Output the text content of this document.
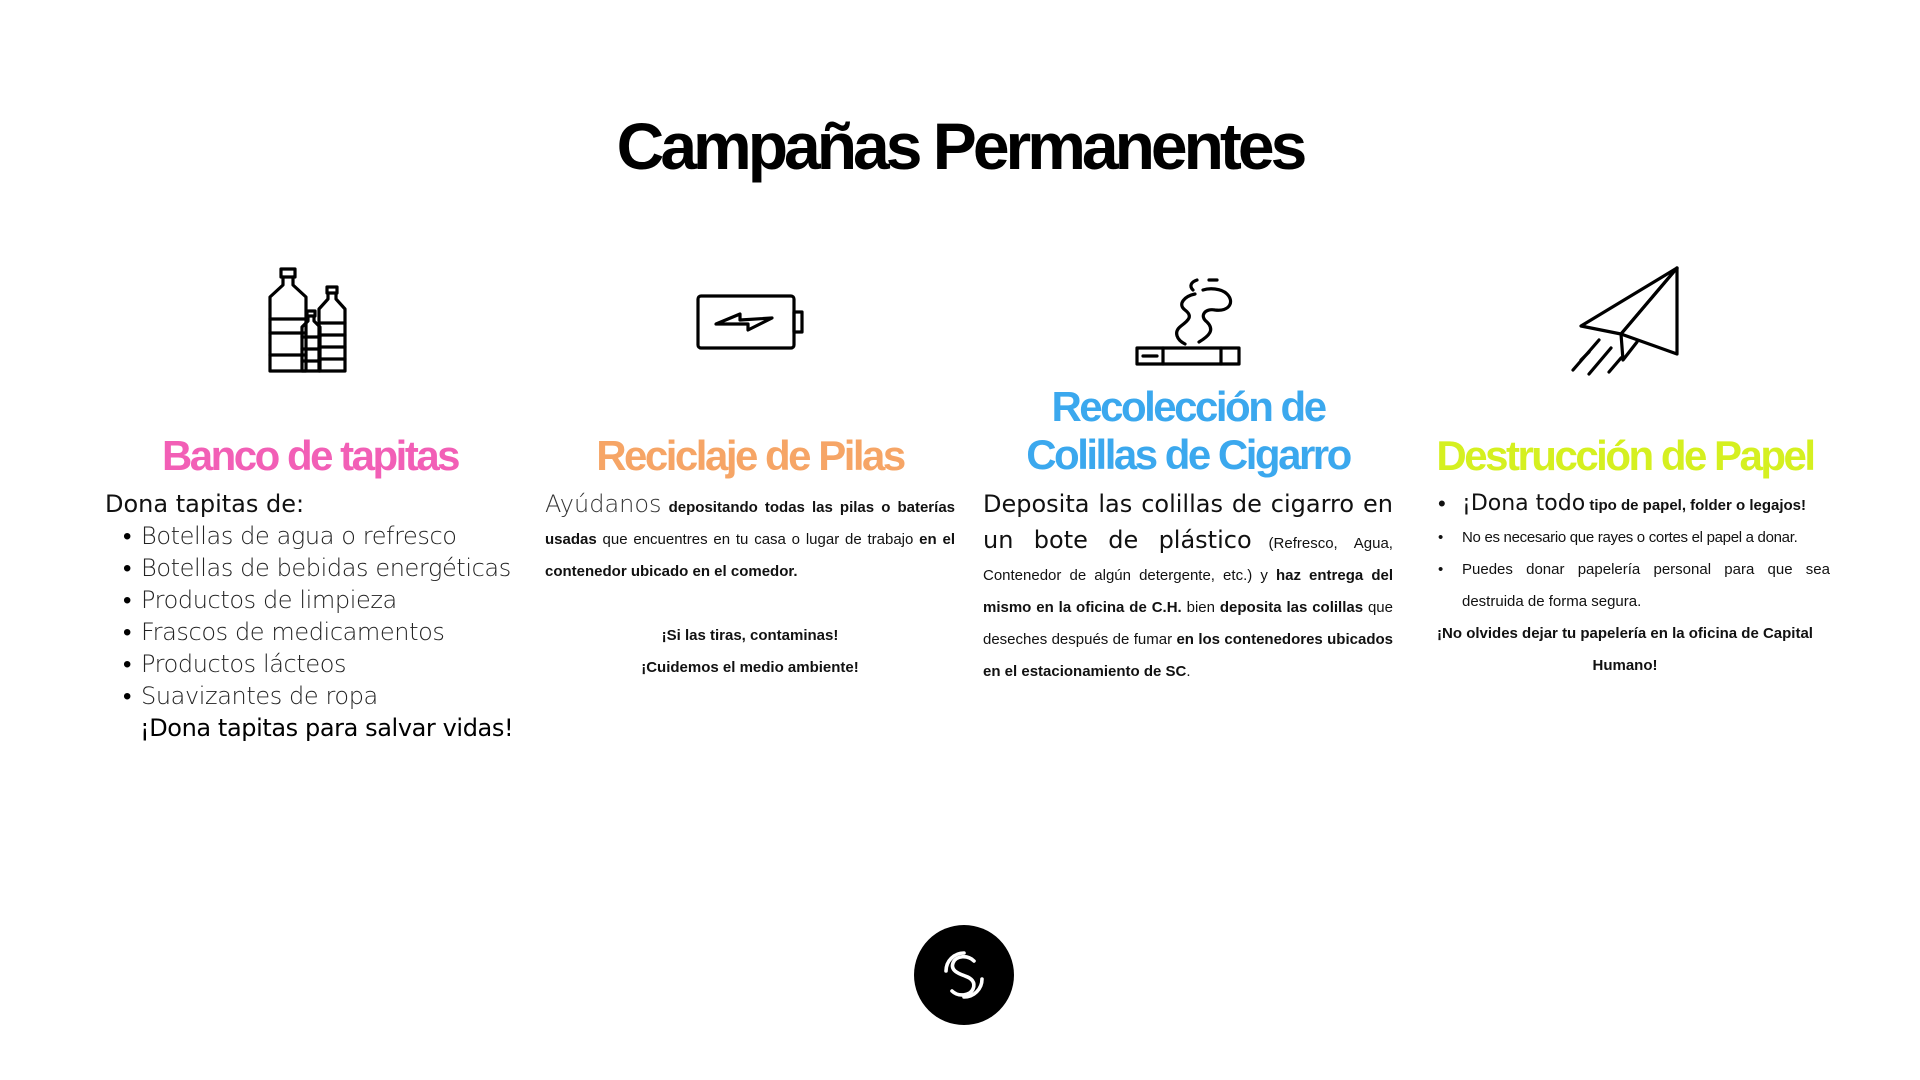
Campañas Permanentes
Banco de tapitas
Dona tapitas de:
• Botellas de agua o refresco
• Botellas de bebidas energéticas
• Productos de limpieza
• Frascos de medicamentos
• Productos lácteos
• Suavizantes de ropa
¡Dona tapitas para salvar vidas!
Reciclaje de Pilas
Ayúdanos depositando todas las pilas o baterías usadas que encuentres en tu casa o lugar de trabajo en el contenedor ubicado en el comedor.
¡Si las tiras, contaminas!
¡Cuidemos el medio ambiente!
Recolección de
Colillas de Cigarro
Deposita las colillas de cigarro en un bote de plástico (Refresco, Agua, Contenedor de algún detergente, etc.) y haz entrega del mismo en la oficina de C.H. bien deposita las colillas que deseches después de fumar en los contenedores ubicados en el estacionamiento de SC.
Destrucción de Papel
• ¡Dona todo tipo de papel, folder o legajos!
• No es necesario que rayes o cortes el papel a donar.
• Puedes donar papelería personal para que sea destruida de forma segura.
¡No olvides dejar tu papelería en la oficina de Capital Humano!
